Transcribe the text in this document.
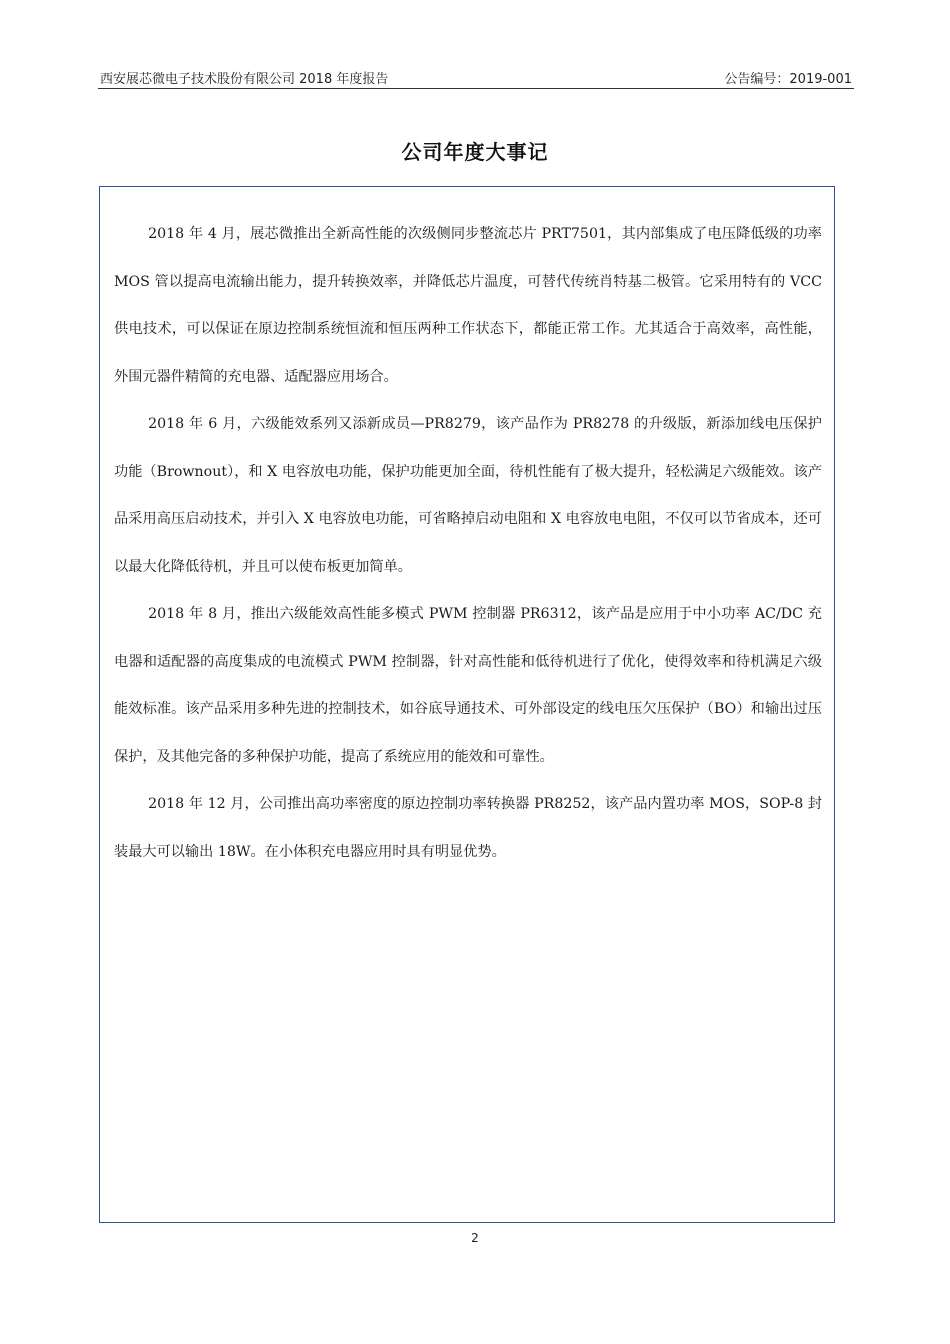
西安展芯微电子技术股份有限公司 2018 年度报告	公告编号：2019-001
公司年度大事记

2018 年 4 月，展芯微推出全新高性能的次级侧同步整流芯片 PRT7501，其内部集成了电压降低级的功率 MOS 管以提高电流输出能力，提升转换效率，并降低芯片温度，可替代传统肖特基二极管。它采用特有的 VCC 供电技术，可以保证在原边控制系统恒流和恒压两种工作状态下，都能正常工作。尤其适合于高效率，高性能，外围元器件精简的充电器、适配器应用场合。

2018 年 6 月，六级能效系列又添新成员—PR8279，该产品作为 PR8278 的升级版，新添加线电压保护功能（Brownout），和 X 电容放电功能，保护功能更加全面，待机性能有了极大提升，轻松满足六级能效。该产品采用高压启动技术，并引入 X 电容放电功能，可省略掉启动电阻和 X 电容放电电阻，不仅可以节省成本，还可以最大化降低待机，并且可以使布板更加简单。

2018 年 8 月，推出六级能效高性能多模式 PWM 控制器 PR6312，该产品是应用于中小功率 AC/DC 充电器和适配器的高度集成的电流模式 PWM 控制器，针对高性能和低待机进行了优化，使得效率和待机满足六级能效标准。该产品采用多种先进的控制技术，如谷底导通技术、可外部设定的线电压欠压保护（BO）和输出过压保护，及其他完备的多种保护功能，提高了系统应用的能效和可靠性。

2018 年 12 月，公司推出高功率密度的原边控制功率转换器 PR8252，该产品内置功率 MOS，SOP-8 封装最大可以输出 18W。在小体积充电器应用时具有明显优势。

2
